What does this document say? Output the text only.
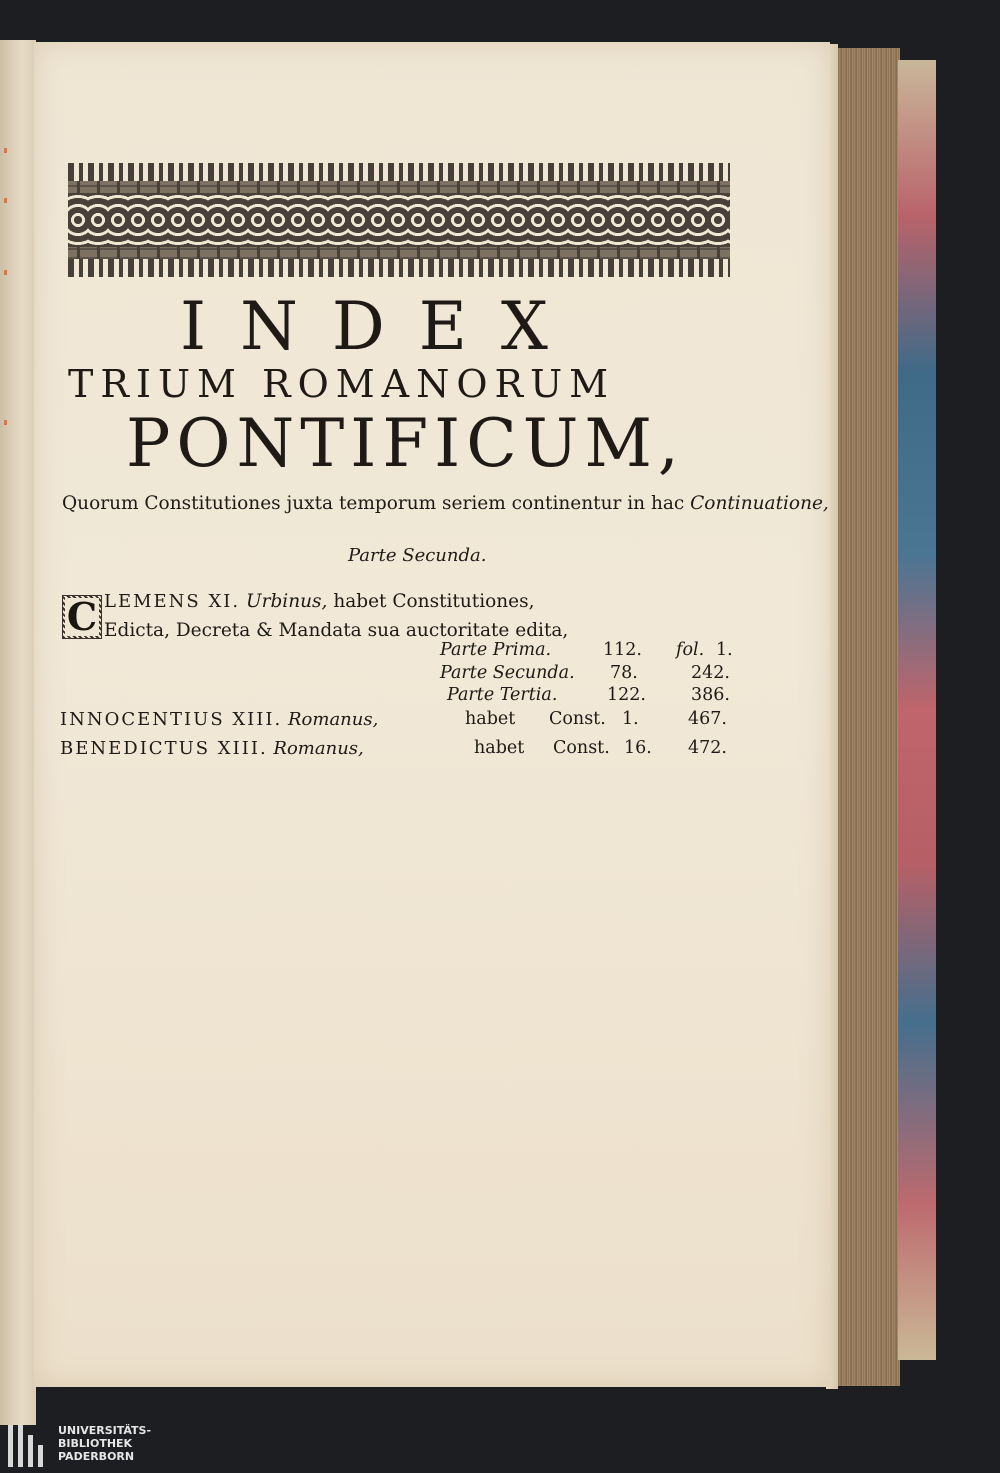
INDEX
TRIUM ROMANORUM
PONTIFICUM,
Quorum Constitutiones juxta temporum seriem continentur in hac Continuatione,
Parte Secunda.
C LEMENS XI. Urbinus, habet Constitutiones,
Edicta, Decreta & Mandata sua auctoritate edita,
Parte Prima.	112. fol. 1.
Parte Secunda. 78.	242.
Parte Tertia.	122.	386.
INNOCENTIUS XIII. Romanus,	habet Const. 1.	467.
BENEDICTUS XIII. Romanus,	habet Const. 16. 472.
UNIVERSITÄTS-
BIBLIOTHEK
PADERBORN
